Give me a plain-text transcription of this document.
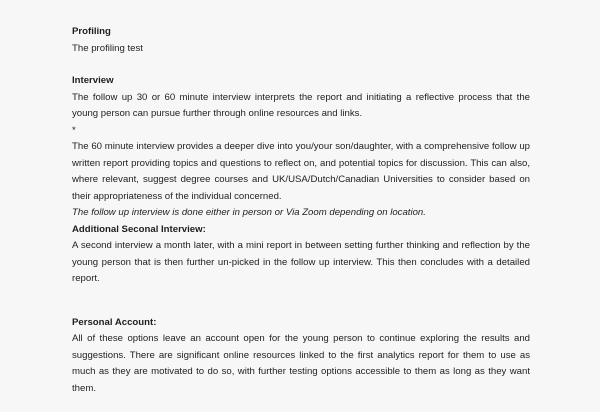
Profiling

The profiling test

Interview

The follow up 30 or 60 minute interview interprets the report and initiating a reflective process that the young person can pursue further through online resources and links.

*

The 60 minute interview provides a deeper dive into you/your son/daughter, with a comprehensive follow up written report providing topics and questions to reflect on, and potential topics for discussion. This can also, where relevant, suggest degree courses and UK/USA/Dutch/Canadian Universities to consider based on their appropriateness of the individual concerned.

The follow up interview is done either in person or Via Zoom depending on location.

Additional Seconal Interview:

A second interview a month later, with a mini report in between setting further thinking and reflection by the young person that is then further un-picked in the follow up interview. This then concludes with a detailed report.

Personal Account:

All of these options leave an account open for the young person to continue exploring the results and suggestions. There are significant online resources linked to the first analytics report for them to use as much as they are motivated to do so, with further testing options accessible to them as long as they want them.
